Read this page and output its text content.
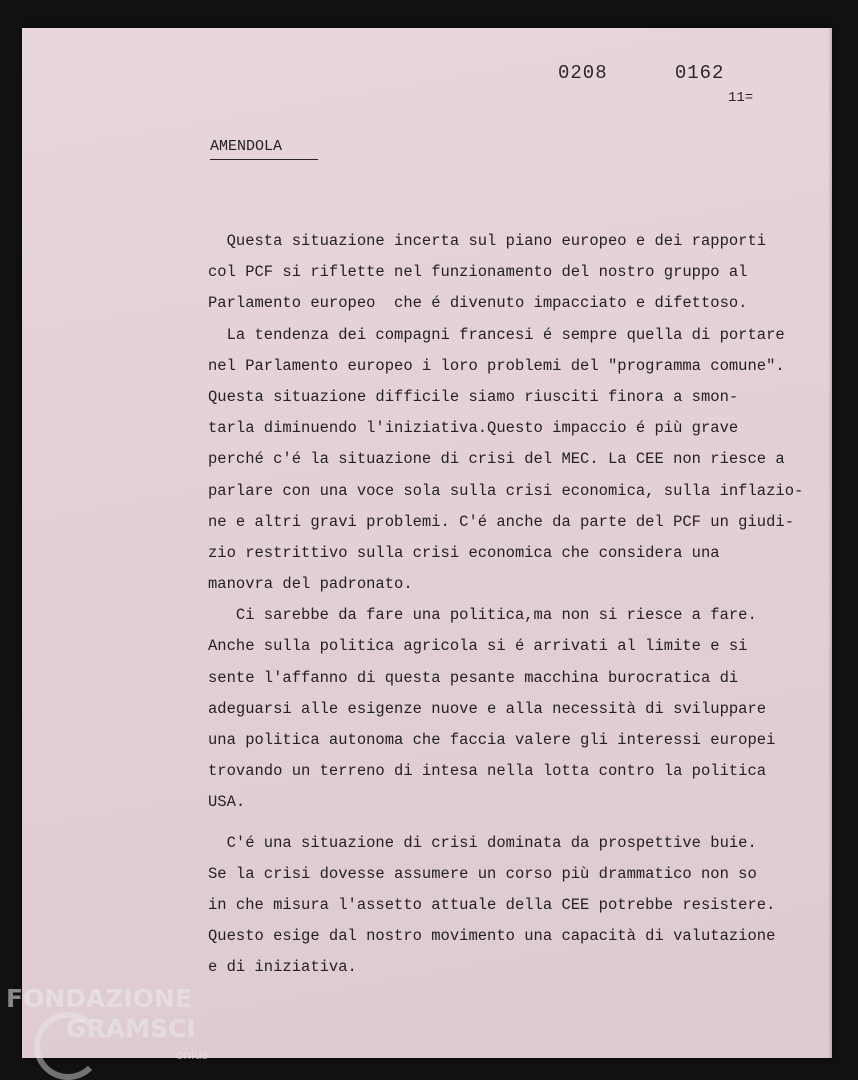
0208   0162
11=
AMENDOLA
Questa situazione incerta sul piano europeo e dei rapporti
col PCF si riflette nel funzionamento del nostro gruppo al
Parlamento europeo  che é divenuto impacciato e difettoso.
La tendenza dei compagni francesi é sempre quella di portare
nel Parlamento europeo i loro problemi del "programma comune".
Questa situazione difficile siamo riusciti finora a smon-
tarla diminuendo l'iniziativa.Questo impaccio é più grave
perché c'é la situazione di crisi del MEC. La CEE non riesce a
parlare con una voce sola sulla crisi economica, sulla inflazio-
ne e altri gravi problemi. C'é anche da parte del PCF un giudi-
zio restrittivo sulla crisi economica che considera una
manovra del padronato.
Ci sarebbe da fare una politica,ma non si riesce a fare.
Anche sulla politica agricola si é arrivati al limite e si
sente l'affanno di questa pesante macchina burocratica di
adeguarsi alle esigenze nuove e alla necessità di sviluppare
una politica autonoma che faccia valere gli interessi europei
trovando un terreno di intesa nella lotta contro la politica
USA.
C'é una situazione di crisi dominata da prospettive buie.
Se la crisi dovesse assumere un corso più drammatico non so
in che misura l'assetto attuale della CEE potrebbe resistere.
Questo esige dal nostro movimento una capacità di valutazione
e di iniziativa.
FONDAZIONE
GRAMSCI
onlus
